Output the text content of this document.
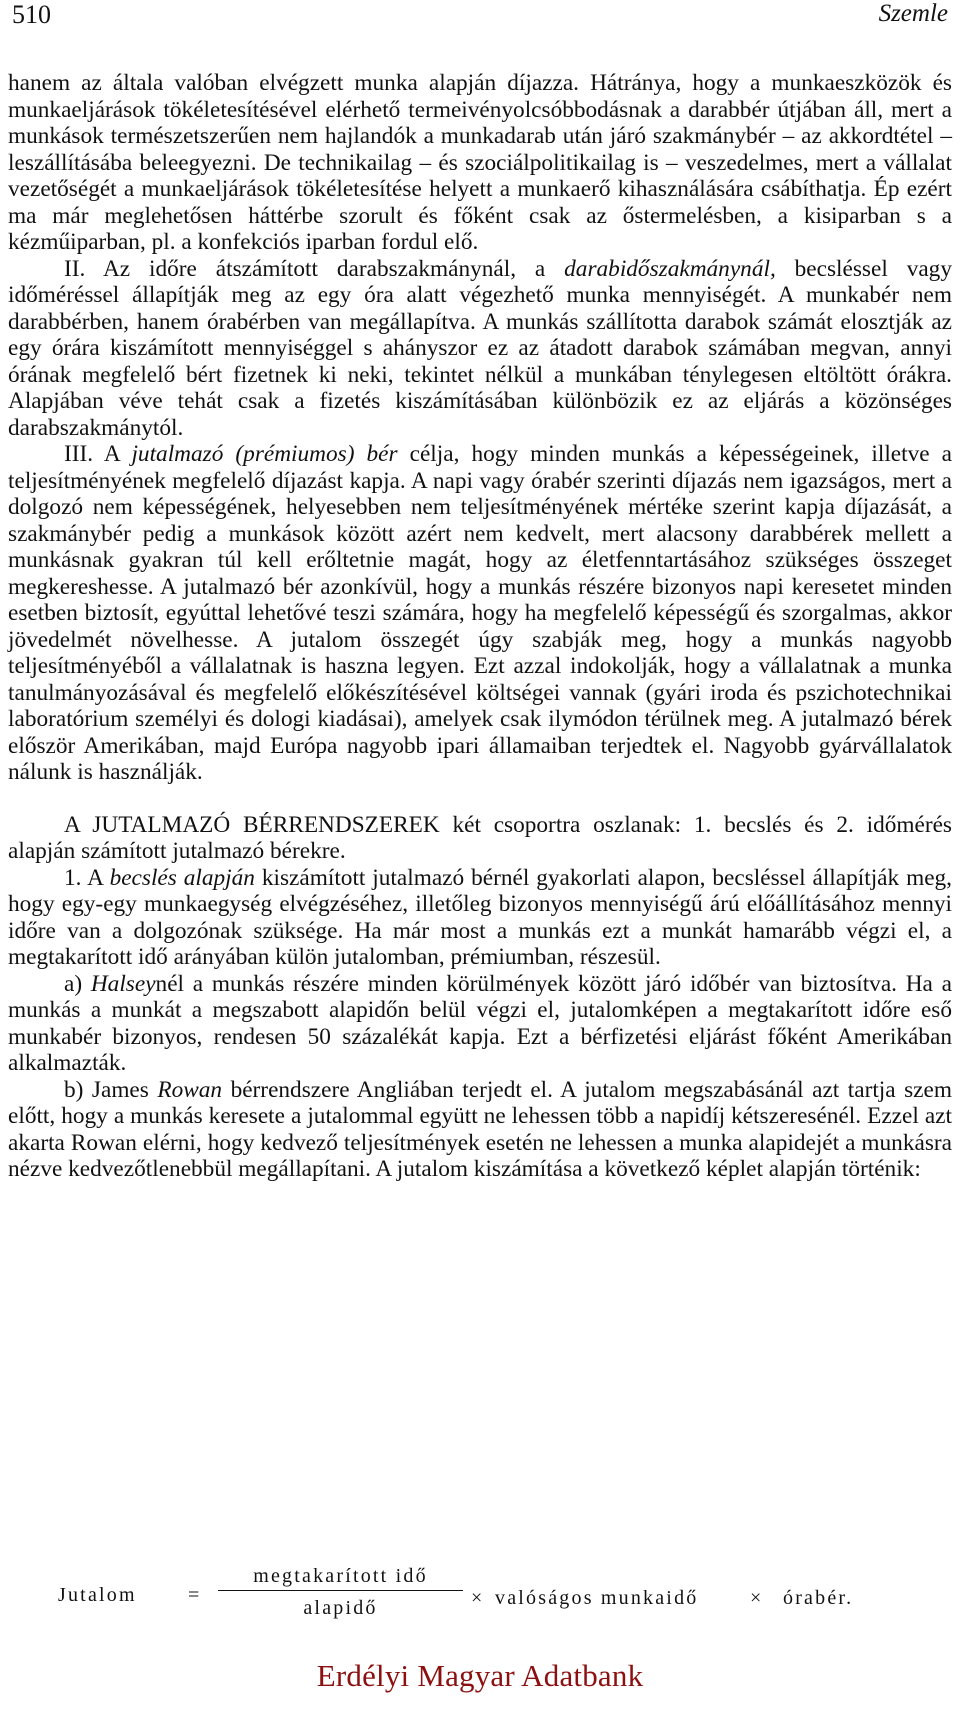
510	Szemle

hanem az általa valóban elvégzett munka alapján díjazza. Hátránya, hogy a munkaeszközök és munkaeljárások tökéletesítésével elérhető termeivényolcsóbbodásnak a darabbér útjában áll, mert a munkások természetszerűen nem hajlandók a munkadarab után járó szakmánybér – az akkordtétel – leszállításába beleegyezni. De technikailag – és szociálpolitikailag is – veszedelmes, mert a vállalat vezetőségét a munkaeljárások tökéletesítése helyett a munkaerő kihasználására csábíthatja. Ép ezért ma már meglehetősen háttérbe szorult és főként csak az őstermelésben, a kisiparban s a kézműiparban, pl. a konfekciós iparban fordul elő.

II. Az időre átszámított darabszakmánynál, a darabidőszakmánynál, becsléssel vagy időméréssel állapítják meg az egy óra alatt végezhető munka mennyiségét. A munkabér nem darabbérben, hanem órabérben van megállapítva. A munkás szállította darabok számát elosztják az egy órára kiszámított mennyiséggel s ahányszor ez az átadott darabok számában megvan, annyi órának megfelelő bért fizetnek ki neki, tekintet nélkül a munkában ténylegesen eltöltött órákra. Alapjában véve tehát csak a fizetés kiszámításában különbözik ez az eljárás a közönséges darabszakmánytól.

III. A jutalmazó (prémiumos) bér célja, hogy minden munkás a képességeinek, illetve a teljesítményének megfelelő díjazást kapja. A napi vagy órabér szerinti díjazás nem igazságos, mert a dolgozó nem képességének, helyesebben nem teljesítményének mértéke szerint kapja díjazását, a szakmánybér pedig a munkások között azért nem kedvelt, mert alacsony darabbérek mellett a munkásnak gyakran túl kell erőltetnie magát, hogy az életfenntartásához szükséges összeget megkereshesse. A jutalmazó bér azonkívül, hogy a munkás részére bizonyos napi keresetet minden esetben biztosít, egyúttal lehetővé teszi számára, hogy ha megfelelő képességű és szorgalmas, akkor jövedelmét növelhesse. A jutalom összegét úgy szabják meg, hogy a munkás nagyobb teljesítményéből a vállalatnak is haszna legyen. Ezt azzal indokolják, hogy a vállalatnak a munka tanulmányozásával és megfelelő előkészítésével költségei vannak (gyári iroda és pszichotechnikai laboratórium személyi és dologi kiadásai), amelyek csak ilymódon térülnek meg. A jutalmazó bérek először Amerikában, majd Európa nagyobb ipari államaiban terjedtek el. Nagyobb gyárvállalatok nálunk is használják.

A JUTALMAZÓ BÉRRENDSZEREK két csoportra oszlanak: 1. becslés és 2. időmérés alapján számított jutalmazó bérekre.

1. A becslés alapján kiszámított jutalmazó bérnél gyakorlati alapon, becsléssel állapítják meg, hogy egy-egy munkaegység elvégzéséhez, illetőleg bizonyos mennyiségű árú előállításához mennyi időre van a dolgozónak szüksége. Ha már most a munkás ezt a munkát hamarább végzi el, a megtakarított idő arányában külön jutalomban, prémiumban, részesül.

a) Halseynél a munkás részére minden körülmények között járó időbér van biztosítva. Ha a munkás a munkát a megszabott alapidőn belül végzi el, jutalomképen a megtakarított időre eső munkabér bizonyos, rendesen 50 százalékát kapja. Ezt a bérfizetési eljárást főként Amerikában alkalmazták.

b) James Rowan bérrendszere Angliában terjedt el. A jutalom megszabásánál azt tartja szem előtt, hogy a munkás keresete a jutalommal együtt ne lehessen több a napidíj kétszeresénél. Ezzel azt akarta Rowan elérni, hogy kedvező teljesítmények esetén ne lehessen a munka alapidejét a munkásra nézve kedvezőtlenebbül megállapítani. A jutalom kiszámítása a következő képlet alapján történik:

Jutalom	=
megtakarított idő
alapidő	× valóságos munkaidő	× órabér.
Erdélyi Magyar Adatbank
